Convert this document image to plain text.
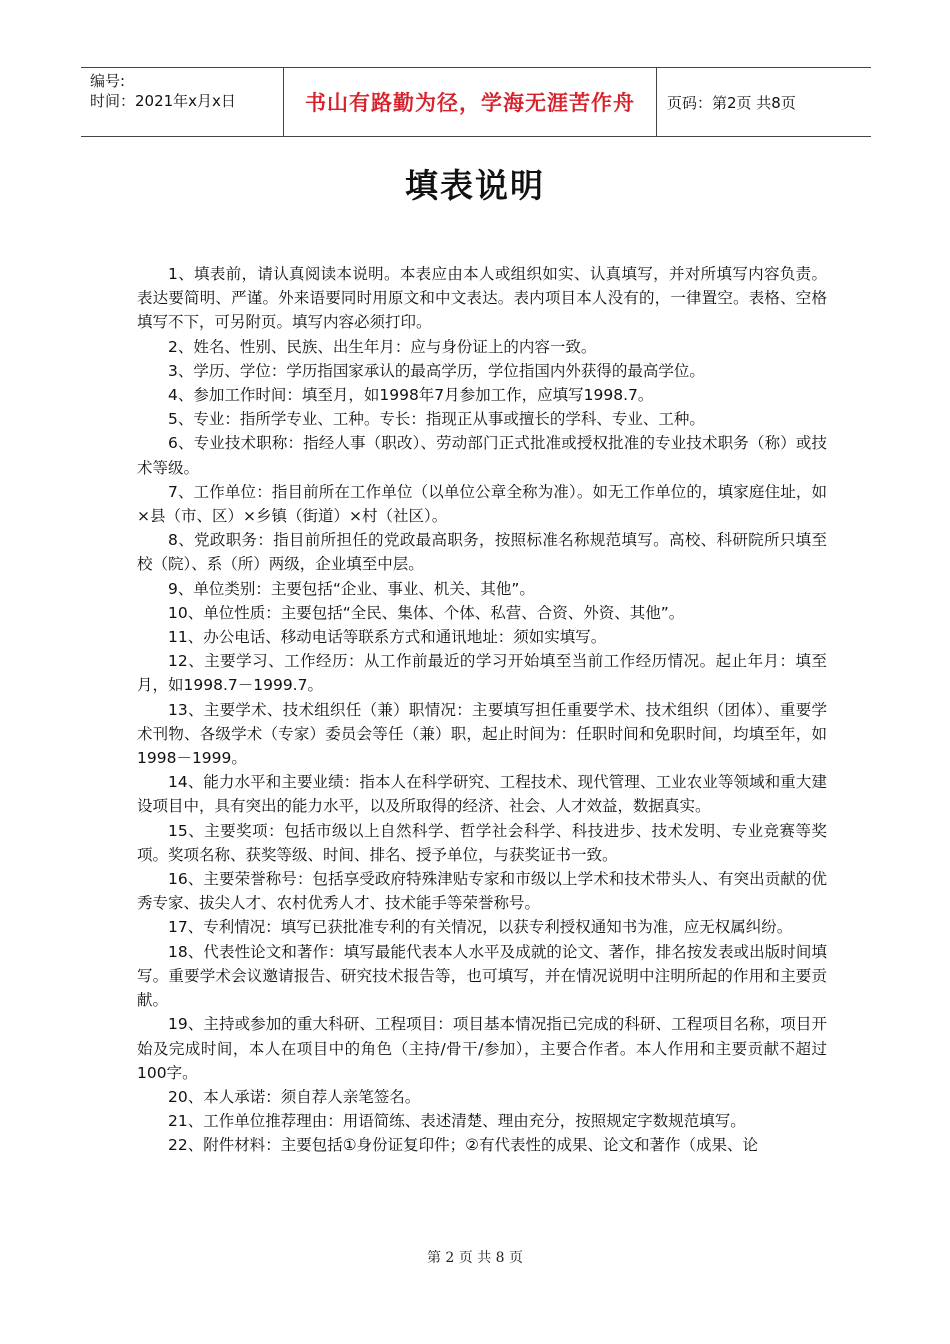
编号:
时间：2021年x月x日	书山有路勤为径，学海无涯苦作舟	页码：第2页 共8页
填表说明

1、填表前，请认真阅读本说明。本表应由本人或组织如实、认真填写，并对所填写内容负责。表达要简明、严谨。外来语要同时用原文和中文表达。表内项目本人没有的，一律置空。表格、空格填写不下，可另附页。填写内容必须打印。

2、姓名、性别、民族、出生年月：应与身份证上的内容一致。

3、学历、学位：学历指国家承认的最高学历，学位指国内外获得的最高学位。

4、参加工作时间：填至月，如1998年7月参加工作，应填写1998.7。

5、专业：指所学专业、工种。专长：指现正从事或擅长的学科、专业、工种。

6、专业技术职称：指经人事（职改）、劳动部门正式批准或授权批准的专业技术职务（称）或技术等级。

7、工作单位：指目前所在工作单位（以单位公章全称为准）。如无工作单位的，填家庭住址，如×县（市、区）×乡镇（街道）×村（社区）。

8、党政职务：指目前所担任的党政最高职务，按照标准名称规范填写。高校、科研院所只填至校（院）、系（所）两级，企业填至中层。

9、单位类别：主要包括“企业、事业、机关、其他”。

10、单位性质：主要包括“全民、集体、个体、私营、合资、外资、其他”。

11、办公电话、移动电话等联系方式和通讯地址：须如实填写。

12、主要学习、工作经历：从工作前最近的学习开始填至当前工作经历情况。起止年月：填至月，如1998.7－1999.7。

13、主要学术、技术组织任（兼）职情况：主要填写担任重要学术、技术组织（团体）、重要学术刊物、各级学术（专家）委员会等任（兼）职，起止时间为：任职时间和免职时间，均填至年，如1998－1999。

14、能力水平和主要业绩：指本人在科学研究、工程技术、现代管理、工业农业等领域和重大建设项目中，具有突出的能力水平，以及所取得的经济、社会、人才效益，数据真实。

15、主要奖项：包括市级以上自然科学、哲学社会科学、科技进步、技术发明、专业竞赛等奖项。奖项名称、获奖等级、时间、排名、授予单位，与获奖证书一致。

16、主要荣誉称号：包括享受政府特殊津贴专家和市级以上学术和技术带头人、有突出贡献的优秀专家、拔尖人才、农村优秀人才、技术能手等荣誉称号。

17、专利情况：填写已获批准专利的有关情况，以获专利授权通知书为准，应无权属纠纷。

18、代表性论文和著作：填写最能代表本人水平及成就的论文、著作，排名按发表或出版时间填写。重要学术会议邀请报告、研究技术报告等，也可填写，并在情况说明中注明所起的作用和主要贡献。

19、主持或参加的重大科研、工程项目：项目基本情况指已完成的科研、工程项目名称，项目开始及完成时间，本人在项目中的角色（主持/骨干/参加），主要合作者。本人作用和主要贡献不超过100字。

20、本人承诺：须自荐人亲笔签名。

21、工作单位推荐理由：用语简练、表述清楚、理由充分，按照规定字数规范填写。

22、附件材料：主要包括①身份证复印件；②有代表性的成果、论文和著作（成果、论

第 2 页 共 8 页
